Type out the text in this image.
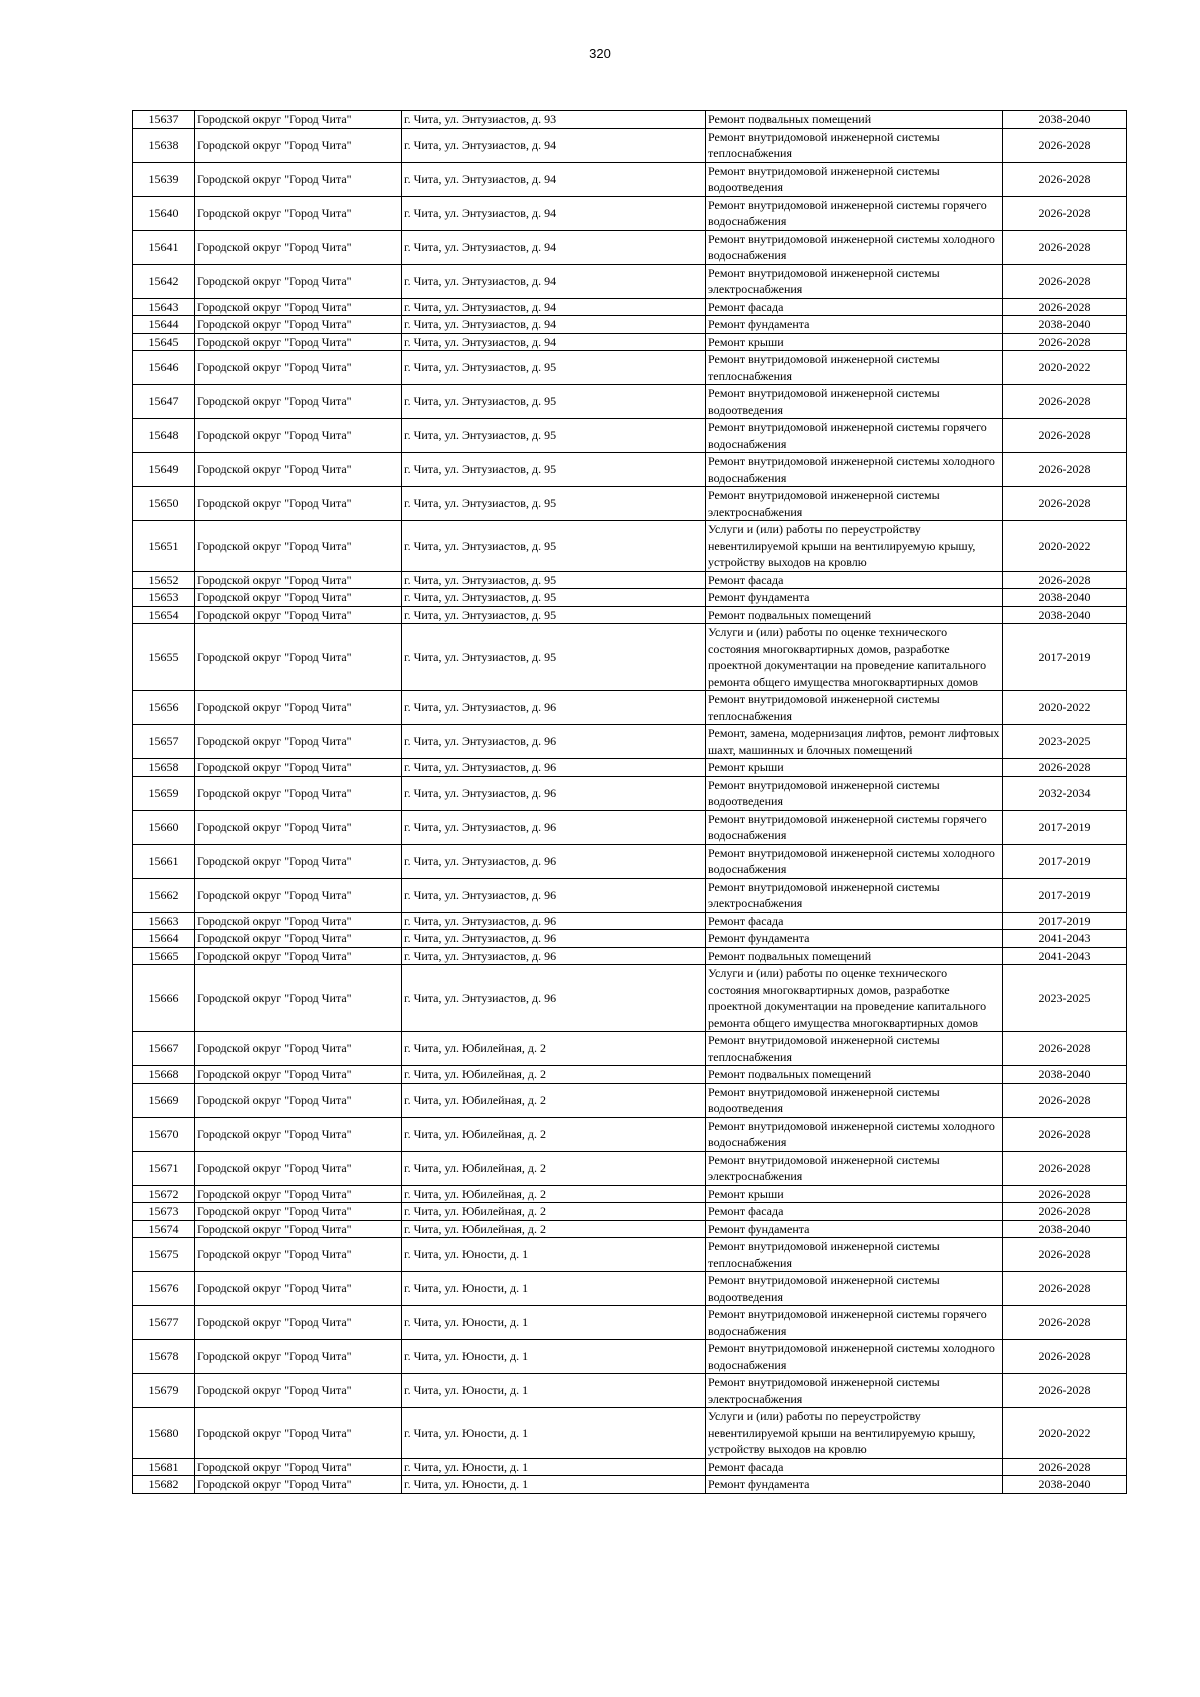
320
15637	Городской округ "Город Чита"	г. Чита, ул. Энтузиастов, д. 93	Ремонт подвальных помещений	2038-2040
15638	Городской округ "Город Чита"	г. Чита, ул. Энтузиастов, д. 94	Ремонт внутридомовой инженерной системы теплоснабжения	2026-2028
15639	Городской округ "Город Чита"	г. Чита, ул. Энтузиастов, д. 94	Ремонт внутридомовой инженерной системы водоотведения	2026-2028
15640	Городской округ "Город Чита"	г. Чита, ул. Энтузиастов, д. 94	Ремонт внутридомовой инженерной системы горячего водоснабжения	2026-2028
15641	Городской округ "Город Чита"	г. Чита, ул. Энтузиастов, д. 94	Ремонт внутридомовой инженерной системы холодного водоснабжения	2026-2028
15642	Городской округ "Город Чита"	г. Чита, ул. Энтузиастов, д. 94	Ремонт внутридомовой инженерной системы электроснабжения	2026-2028
15643	Городской округ "Город Чита"	г. Чита, ул. Энтузиастов, д. 94	Ремонт фасада	2026-2028
15644	Городской округ "Город Чита"	г. Чита, ул. Энтузиастов, д. 94	Ремонт фундамента	2038-2040
15645	Городской округ "Город Чита"	г. Чита, ул. Энтузиастов, д. 94	Ремонт крыши	2026-2028
15646	Городской округ "Город Чита"	г. Чита, ул. Энтузиастов, д. 95	Ремонт внутридомовой инженерной системы теплоснабжения	2020-2022
15647	Городской округ "Город Чита"	г. Чита, ул. Энтузиастов, д. 95	Ремонт внутридомовой инженерной системы водоотведения	2026-2028
15648	Городской округ "Город Чита"	г. Чита, ул. Энтузиастов, д. 95	Ремонт внутридомовой инженерной системы горячего водоснабжения	2026-2028
15649	Городской округ "Город Чита"	г. Чита, ул. Энтузиастов, д. 95	Ремонт внутридомовой инженерной системы холодного водоснабжения	2026-2028
15650	Городской округ "Город Чита"	г. Чита, ул. Энтузиастов, д. 95	Ремонт внутридомовой инженерной системы электроснабжения	2026-2028
15651	Городской округ "Город Чита"	г. Чита, ул. Энтузиастов, д. 95	Услуги и (или) работы по переустройству невентилируемой крыши на вентилируемую крышу, устройству выходов на кровлю	2020-2022
15652	Городской округ "Город Чита"	г. Чита, ул. Энтузиастов, д. 95	Ремонт фасада	2026-2028
15653	Городской округ "Город Чита"	г. Чита, ул. Энтузиастов, д. 95	Ремонт фундамента	2038-2040
15654	Городской округ "Город Чита"	г. Чита, ул. Энтузиастов, д. 95	Ремонт подвальных помещений	2038-2040
15655	Городской округ "Город Чита"	г. Чита, ул. Энтузиастов, д. 95	Услуги и (или) работы по оценке технического состояния многоквартирных домов, разработке проектной документации на проведение капитального ремонта общего имущества многоквартирных домов	2017-2019
15656	Городской округ "Город Чита"	г. Чита, ул. Энтузиастов, д. 96	Ремонт внутридомовой инженерной системы теплоснабжения	2020-2022
15657	Городской округ "Город Чита"	г. Чита, ул. Энтузиастов, д. 96	Ремонт, замена, модернизация лифтов, ремонт лифтовых шахт, машинных и блочных помещений	2023-2025
15658	Городской округ "Город Чита"	г. Чита, ул. Энтузиастов, д. 96	Ремонт крыши	2026-2028
15659	Городской округ "Город Чита"	г. Чита, ул. Энтузиастов, д. 96	Ремонт внутридомовой инженерной системы водоотведения	2032-2034
15660	Городской округ "Город Чита"	г. Чита, ул. Энтузиастов, д. 96	Ремонт внутридомовой инженерной системы горячего водоснабжения	2017-2019
15661	Городской округ "Город Чита"	г. Чита, ул. Энтузиастов, д. 96	Ремонт внутридомовой инженерной системы холодного водоснабжения	2017-2019
15662	Городской округ "Город Чита"	г. Чита, ул. Энтузиастов, д. 96	Ремонт внутридомовой инженерной системы электроснабжения	2017-2019
15663	Городской округ "Город Чита"	г. Чита, ул. Энтузиастов, д. 96	Ремонт фасада	2017-2019
15664	Городской округ "Город Чита"	г. Чита, ул. Энтузиастов, д. 96	Ремонт фундамента	2041-2043
15665	Городской округ "Город Чита"	г. Чита, ул. Энтузиастов, д. 96	Ремонт подвальных помещений	2041-2043
15666	Городской округ "Город Чита"	г. Чита, ул. Энтузиастов, д. 96	Услуги и (или) работы по оценке технического состояния многоквартирных домов, разработке проектной документации на проведение капитального ремонта общего имущества многоквартирных домов	2023-2025
15667	Городской округ "Город Чита"	г. Чита, ул. Юбилейная, д. 2	Ремонт внутридомовой инженерной системы теплоснабжения	2026-2028
15668	Городской округ "Город Чита"	г. Чита, ул. Юбилейная, д. 2	Ремонт подвальных помещений	2038-2040
15669	Городской округ "Город Чита"	г. Чита, ул. Юбилейная, д. 2	Ремонт внутридомовой инженерной системы водоотведения	2026-2028
15670	Городской округ "Город Чита"	г. Чита, ул. Юбилейная, д. 2	Ремонт внутридомовой инженерной системы холодного водоснабжения	2026-2028
15671	Городской округ "Город Чита"	г. Чита, ул. Юбилейная, д. 2	Ремонт внутридомовой инженерной системы электроснабжения	2026-2028
15672	Городской округ "Город Чита"	г. Чита, ул. Юбилейная, д. 2	Ремонт крыши	2026-2028
15673	Городской округ "Город Чита"	г. Чита, ул. Юбилейная, д. 2	Ремонт фасада	2026-2028
15674	Городской округ "Город Чита"	г. Чита, ул. Юбилейная, д. 2	Ремонт фундамента	2038-2040
15675	Городской округ "Город Чита"	г. Чита, ул. Юности, д. 1	Ремонт внутридомовой инженерной системы теплоснабжения	2026-2028
15676	Городской округ "Город Чита"	г. Чита, ул. Юности, д. 1	Ремонт внутридомовой инженерной системы водоотведения	2026-2028
15677	Городской округ "Город Чита"	г. Чита, ул. Юности, д. 1	Ремонт внутридомовой инженерной системы горячего водоснабжения	2026-2028
15678	Городской округ "Город Чита"	г. Чита, ул. Юности, д. 1	Ремонт внутридомовой инженерной системы холодного водоснабжения	2026-2028
15679	Городской округ "Город Чита"	г. Чита, ул. Юности, д. 1	Ремонт внутридомовой инженерной системы электроснабжения	2026-2028
15680	Городской округ "Город Чита"	г. Чита, ул. Юности, д. 1	Услуги и (или) работы по переустройству невентилируемой крыши на вентилируемую крышу, устройству выходов на кровлю	2020-2022
15681	Городской округ "Город Чита"	г. Чита, ул. Юности, д. 1	Ремонт фасада	2026-2028
15682	Городской округ "Город Чита"	г. Чита, ул. Юности, д. 1	Ремонт фундамента	2038-2040
